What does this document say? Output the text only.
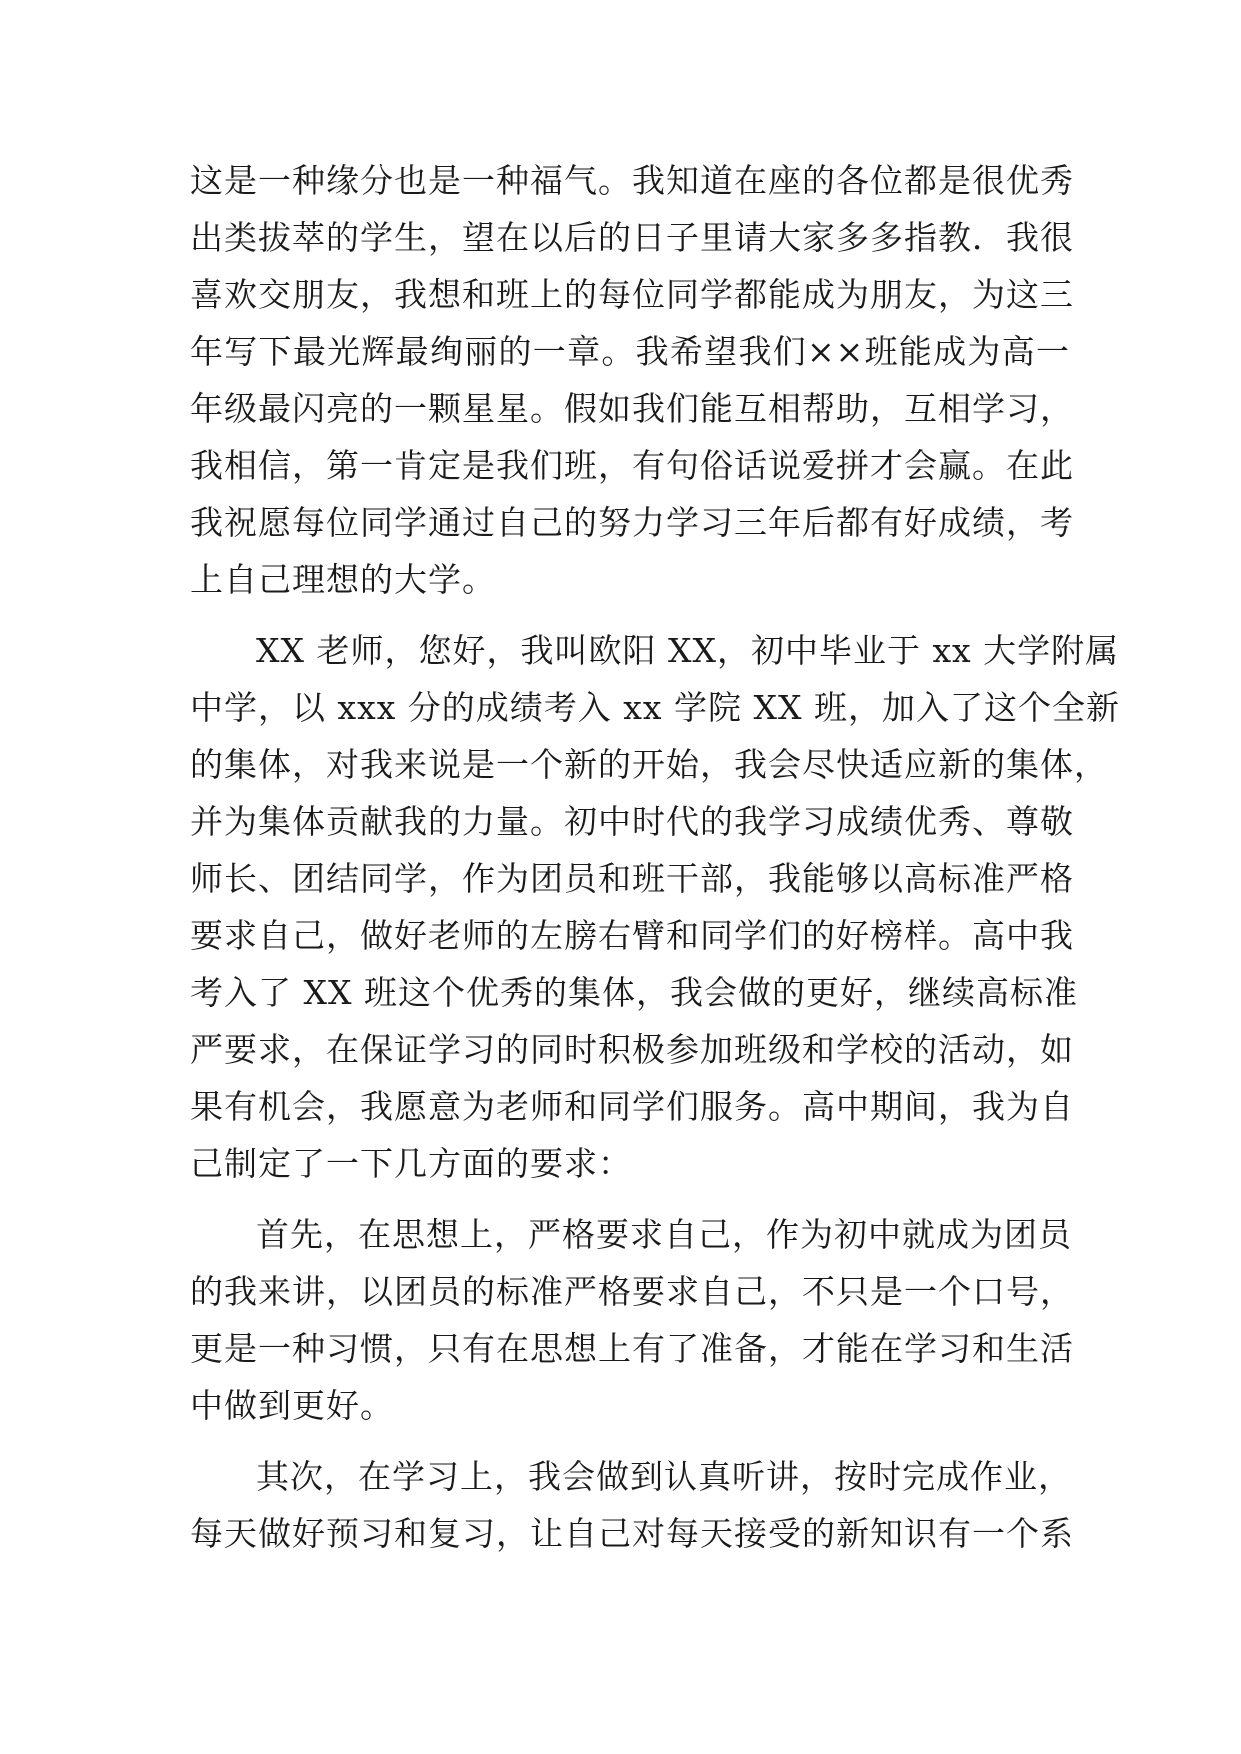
这是一种缘分也是一种福气。我知道在座的各位都是很优秀
出类拔萃的学生，望在以后的日子里请大家多多指教．我很
喜欢交朋友，我想和班上的每位同学都能成为朋友，为这三
年写下最光辉最绚丽的一章。我希望我们××班能成为高一
年级最闪亮的一颗星星。假如我们能互相帮助，互相学习，
我相信，第一肯定是我们班，有句俗话说爱拼才会赢。在此
我祝愿每位同学通过自己的努力学习三年后都有好成绩，考
上自己理想的大学。
XX 老师，您好，我叫欧阳 XX，初中毕业于 xx 大学附属
中学，以 xxx 分的成绩考入 xx 学院 XX 班，加入了这个全新
的集体，对我来说是一个新的开始，我会尽快适应新的集体，
并为集体贡献我的力量。初中时代的我学习成绩优秀、尊敬
师长、团结同学，作为团员和班干部，我能够以高标准严格
要求自己，做好老师的左膀右臂和同学们的好榜样。高中我
考入了 XX 班这个优秀的集体，我会做的更好，继续高标准
严要求，在保证学习的同时积极参加班级和学校的活动，如
果有机会，我愿意为老师和同学们服务。高中期间，我为自
己制定了一下几方面的要求：
首先，在思想上，严格要求自己，作为初中就成为团员
的我来讲，以团员的标准严格要求自己，不只是一个口号，
更是一种习惯，只有在思想上有了准备，才能在学习和生活
中做到更好。
其次，在学习上，我会做到认真听讲，按时完成作业，
每天做好预习和复习，让自己对每天接受的新知识有一个系
